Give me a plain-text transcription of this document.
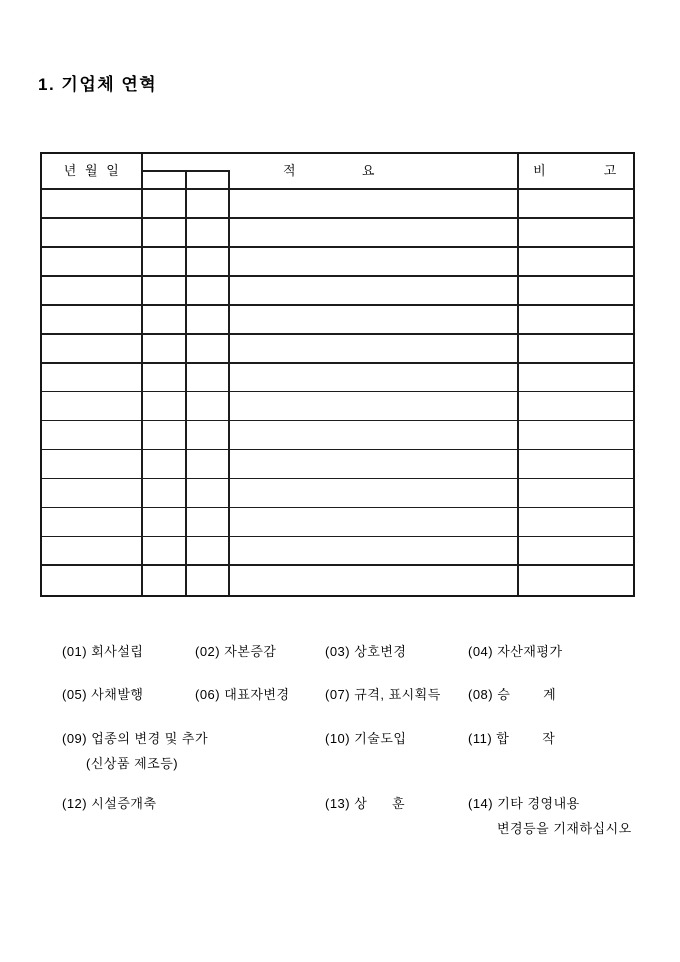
1. 기업체 연혁
년  월  일	적                요	비              고
(01) 회사설립	(02) 자본증감	(03) 상호변경	(04) 자산재평가
(05) 사채발행	(06) 대표자변경	(07) 규격, 표시획득 (08) 승        계
(09) 업종의 변경 및 추가
(신상품 제조등)
(10) 기술도입	(11) 합        작
(12) 시설증개축	(13) 상      훈	(14) 기타 경영내용
변경등을 기재하십시오
